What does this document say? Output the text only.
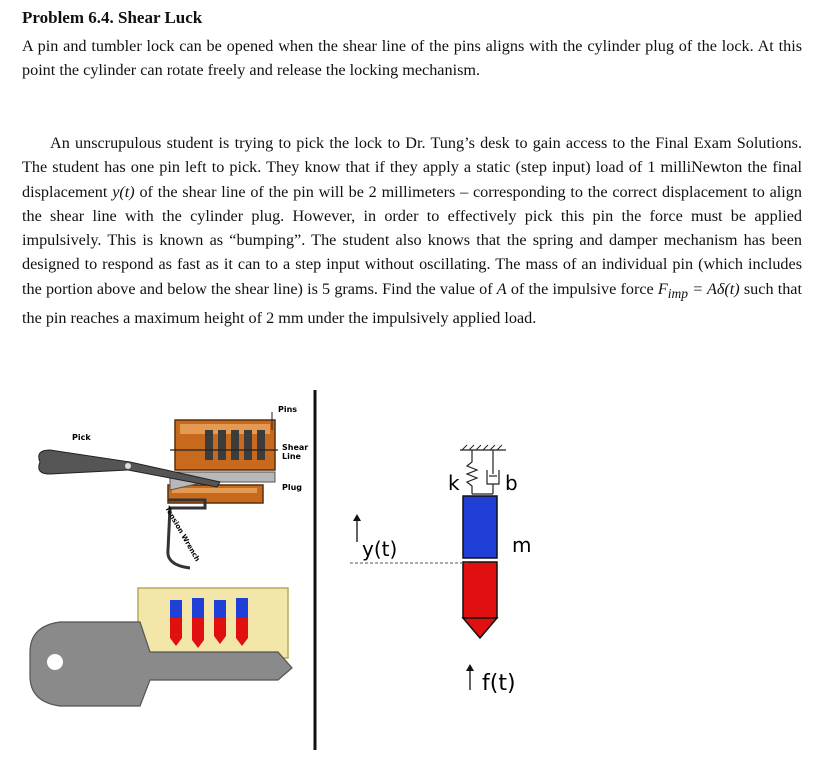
Problem 6.4. Shear Luck

A pin and tumbler lock can be opened when the shear line of the pins aligns with the cylinder plug of the lock. At this point the cylinder can rotate freely and release the locking mechanism.

An unscrupulous student is trying to pick the lock to Dr. Tung’s desk to gain access to the Final Exam Solutions. The student has one pin left to pick. They know that if they apply a static (step input) load of 1 milliNewton the final displacement y(t) of the shear line of the pin will be 2 millimeters – corresponding to the correct displacement to align the shear line with the cylinder plug. However, in order to effectively pick this pin the force must be applied impulsively. This is known as “bumping”. The student also knows that the spring and damper mechanism has been designed to respond as fast as it can to a step input without oscillating. The mass of an individual pin (which includes the portion above and below the shear line) is 5 grams. Find the value of A of the impulsive force $F_{imp} = A\delta(t)$ such that the pin reaches a maximum height of 2 mm under the impulsively applied load.

Pick
Pins
Shear Line
Plug
Tension Wrench
k b
m
y(t)
f(t)
